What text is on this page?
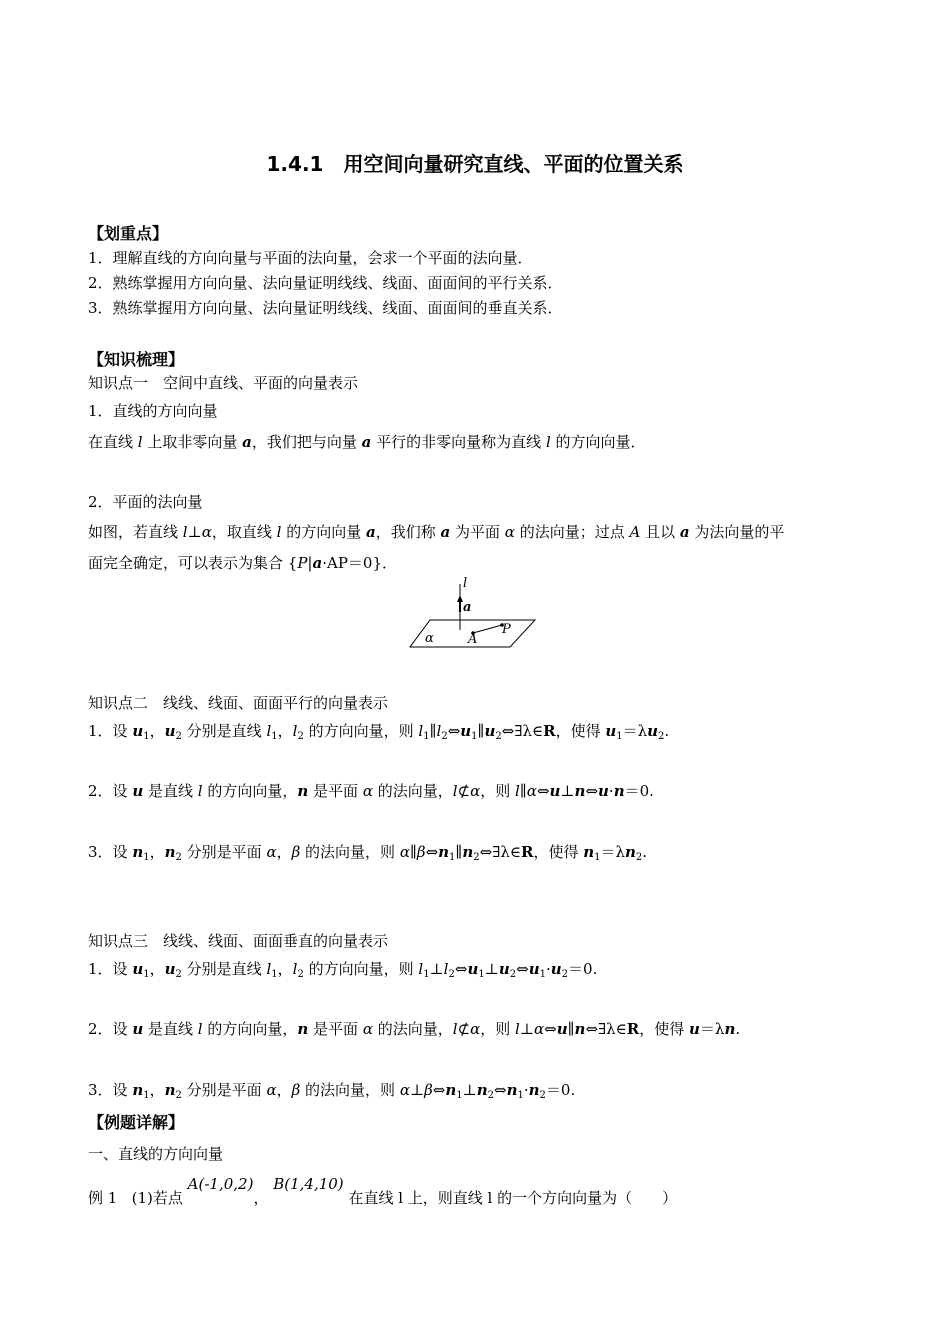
1.4.1　用空间向量研究直线、平面的位置关系
【划重点】
1．理解直线的方向向量与平面的法向量，会求一个平面的法向量．
2．熟练掌握用方向向量、法向量证明线线、线面、面面间的平行关系．
3．熟练掌握用方向向量、法向量证明线线、线面、面面间的垂直关系．
【知识梳理】
知识点一　空间中直线、平面的向量表示
1．直线的方向向量
在直线 l 上取非零向量 a，我们把与向量 a 平行的非零向量称为直线 l 的方向向量．
2．平面的法向量
如图，若直线 l⊥α，取直线 l 的方向向量 a，我们称 a 为平面 α 的法向量；过点 A 且以 a 为法向量的平
面完全确定，可以表示为集合 {P|a·AP＝0}．
l
a
α	A
P
知识点二　线线、线面、面面平行的向量表示
1．设 $u_1$，$u_2$ 分别是直线 $l_1$，$l_2$ 的方向向量，则 $l_1\parallel l_2\Leftrightarrow u_1\parallel u_2\Leftrightarrow\exists\lambda\in R$，使得 $u_1=\lambda u_2$.
2．设 u 是直线 l 的方向向量，n 是平面 α 的法向量，l⊄α，则 l∥α⇔u⊥n⇔u·n＝0.
3．设 $n_1$，$n_2$ 分别是平面 α，β 的法向量，则 $\alpha\parallel\beta\Leftrightarrow n_1\parallel n_2\Leftrightarrow\exists\lambda\in R$，使得 $n_1=\lambda n_2$.
知识点三　线线、线面、面面垂直的向量表示
1．设 $u_1$，$u_2$ 分别是直线 $l_1$，$l_2$ 的方向向量，则 $l_1\perp l_2\Leftrightarrow u_1\perp u_2\Leftrightarrow u_1\cdot u_2=0$.
2．设 u 是直线 l 的方向向量，n 是平面 α 的法向量，l⊄α，则 l⊥α⇔u∥n⇔∃λ∈R，使得 u＝λn.
3．设 $n_1$，$n_2$ 分别是平面 α，β 的法向量，则 $\alpha\perp\beta\Leftrightarrow n_1\perp n_2\Leftrightarrow n_1\cdot n_2=0$.
【例题详解】
一、直线的方向向量
例 1 (1)若点 A(-1,0,2)， B(1,4,10) 在直线 l 上，则直线 l 的一个方向向量为（　　）
